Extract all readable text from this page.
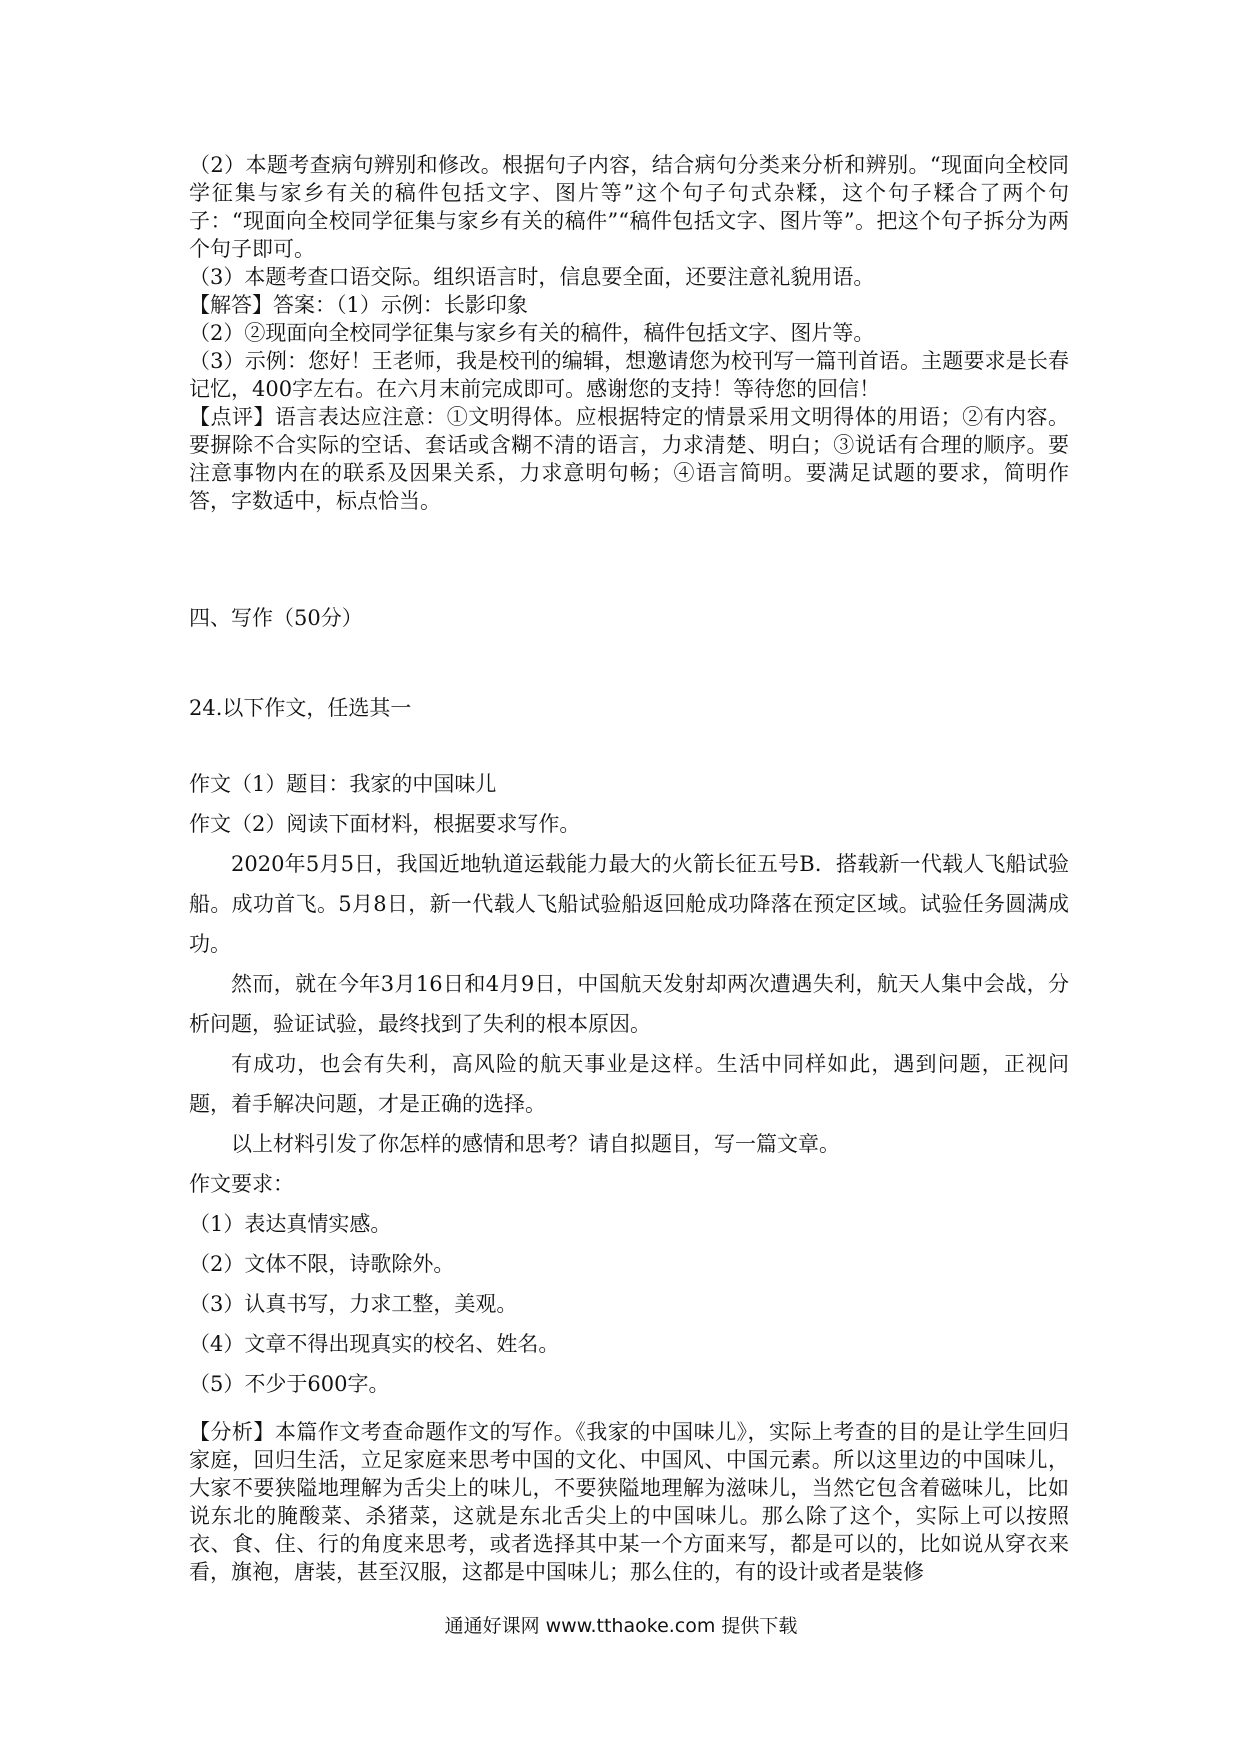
（2）本题考查病句辨别和修改。根据句子内容，结合病句分类来分析和辨别。“现面向全校同学征集与家乡有关的稿件包括文字、图片等”这个句子句式杂糅，这个句子糅合了两个句子：“现面向全校同学征集与家乡有关的稿件”“稿件包括文字、图片等”。把这个句子拆分为两个句子即可。

（3）本题考查口语交际。组织语言时，信息要全面，还要注意礼貌用语。

【解答】答案：（1）示例：长影印象

（2）②现面向全校同学征集与家乡有关的稿件，稿件包括文字、图片等。

（3）示例：您好！王老师，我是校刊的编辑，想邀请您为校刊写一篇刊首语。主题要求是长春记忆，400字左右。在六月末前完成即可。感谢您的支持！等待您的回信！

【点评】语言表达应注意：①文明得体。应根据特定的情景采用文明得体的用语；②有内容。要摒除不合实际的空话、套话或含糊不清的语言，力求清楚、明白；③说话有合理的顺序。要注意事物内在的联系及因果关系，力求意明句畅；④语言简明。要满足试题的要求，简明作答，字数适中，标点恰当。

四、写作（50分）
24.以下作文，任选其一

作文（1）题目：我家的中国味儿

作文（2）阅读下面材料，根据要求写作。

2020年5月5日，我国近地轨道运载能力最大的火箭长征五号B．搭载新一代载人飞船试验船。成功首飞。5月8日，新一代载人飞船试验船返回舱成功降落在预定区域。试验任务圆满成功。

然而，就在今年3月16日和4月9日，中国航天发射却两次遭遇失利，航天人集中会战，分析问题，验证试验，最终找到了失利的根本原因。

有成功，也会有失利，高风险的航天事业是这样。生活中同样如此，遇到问题，正视问题，着手解决问题，才是正确的选择。

以上材料引发了你怎样的感情和思考？请自拟题目，写一篇文章。

作文要求：

（1）表达真情实感。

（2）文体不限，诗歌除外。

（3）认真书写，力求工整，美观。

（4）文章不得出现真实的校名、姓名。

（5）不少于600字。

【分析】本篇作文考查命题作文的写作。《我家的中国味儿》，实际上考查的目的是让学生回归家庭，回归生活，立足家庭来思考中国的文化、中国风、中国元素。所以这里边的中国味儿，大家不要狭隘地理解为舌尖上的味儿，不要狭隘地理解为滋味儿，当然它包含着磁味儿，比如说东北的腌酸菜、杀猪菜，这就是东北舌尖上的中国味儿。那么除了这个，实际上可以按照衣、食、住、行的角度来思考，或者选择其中某一个方面来写，都是可以的，比如说从穿衣来看，旗袍，唐装，甚至汉服，这都是中国味儿；那么住的，有的设计或者是装修

通通好课网 www.tthaoke.com 提供下载
